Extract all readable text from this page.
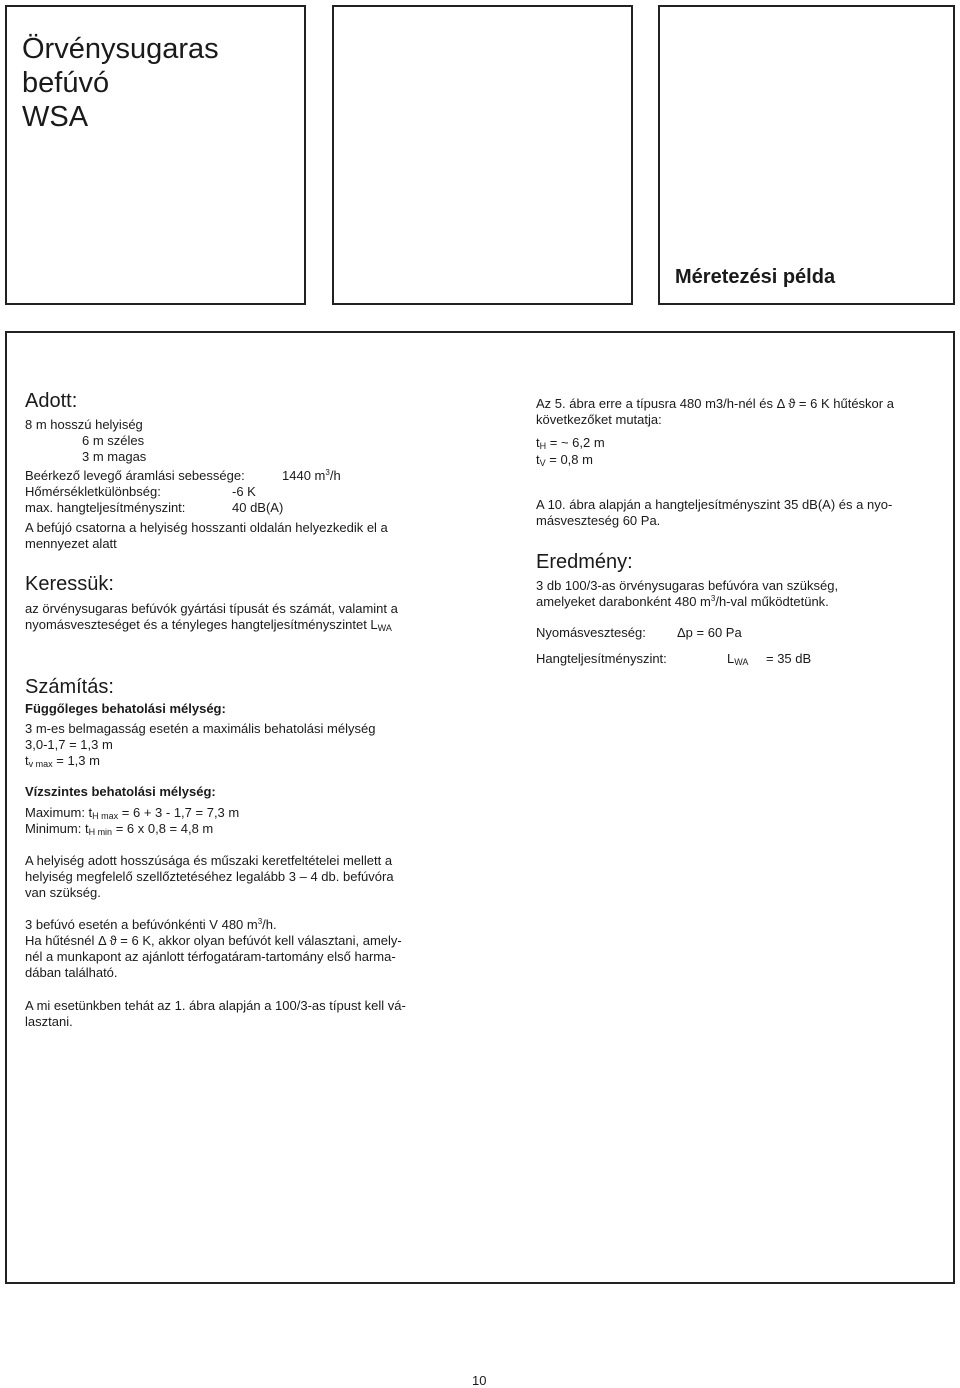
Örvénysugaras
befúvó
WSA
Méretezési példa
Adott:
8 m hosszú helyiség
6 m széles
3 m magas
Beérkező levegő áramlási sebessége:	1440 $m^3/h$
Hőmérsékletkülönbség:	-6 K
max. hangteljesítményszint:	40 dB(A)
A befújó csatorna a helyiség hosszanti oldalán helyezkedik el a
mennyezet alatt
Keressük:
az örvénysugaras befúvók gyártási típusát és számát, valamint a
nyomásveszteséget és a tényleges hangteljesítményszintet $L_{WA}$
Számítás:
Függőleges behatolási mélység:
3 m-es belmagasság esetén a maximális behatolási mélység
3,0-1,7 = 1,3 m
$t_{v max} = 1,3$ m
Vízszintes behatolási mélység:
Maximum: $t_{H max} = 6 + 3 - 1,7 = 7,3$ m
Minimum: $t_{H min} = 6$ x 0,8 = 4,8 m
A helyiség adott hosszúsága és műszaki keretfeltételei mellett a
helyiség megfelelő szellőztetéséhez legalább 3 – 4 db. befúvóra
van szükség.
3 befúvó esetén a befúvónkénti V 480 $m^3/h$.
Ha hűtésnél Δ ϑ = 6 K, akkor olyan befúvót kell választani, amely-
nél a munkapont az ajánlott térfogatáram-tartomány első harma-
dában található.
A mi esetünkben tehát az 1. ábra alapján a 100/3-as típust kell vá-
lasztani.
Az 5. ábra erre a típusra 480 m3/h-nél és Δ ϑ = 6 K hűtéskor a
következőket mutatja:
$t_H$ = ~ 6,2 m
$t_V = 0,8$ m
A 10. ábra alapján a hangteljesítményszint 35 dB(A) és a nyo-
másveszteség 60 Pa.
Eredmény:
3 db 100/3-as örvénysugaras befúvóra van szükség,
amelyeket darabonként 480 $m^3/h$-val működtetünk.
Nyomásveszteség: Δp = 60 Pa
Hangteljesítményszint:	$L_{WA} = 35$ dB
10
